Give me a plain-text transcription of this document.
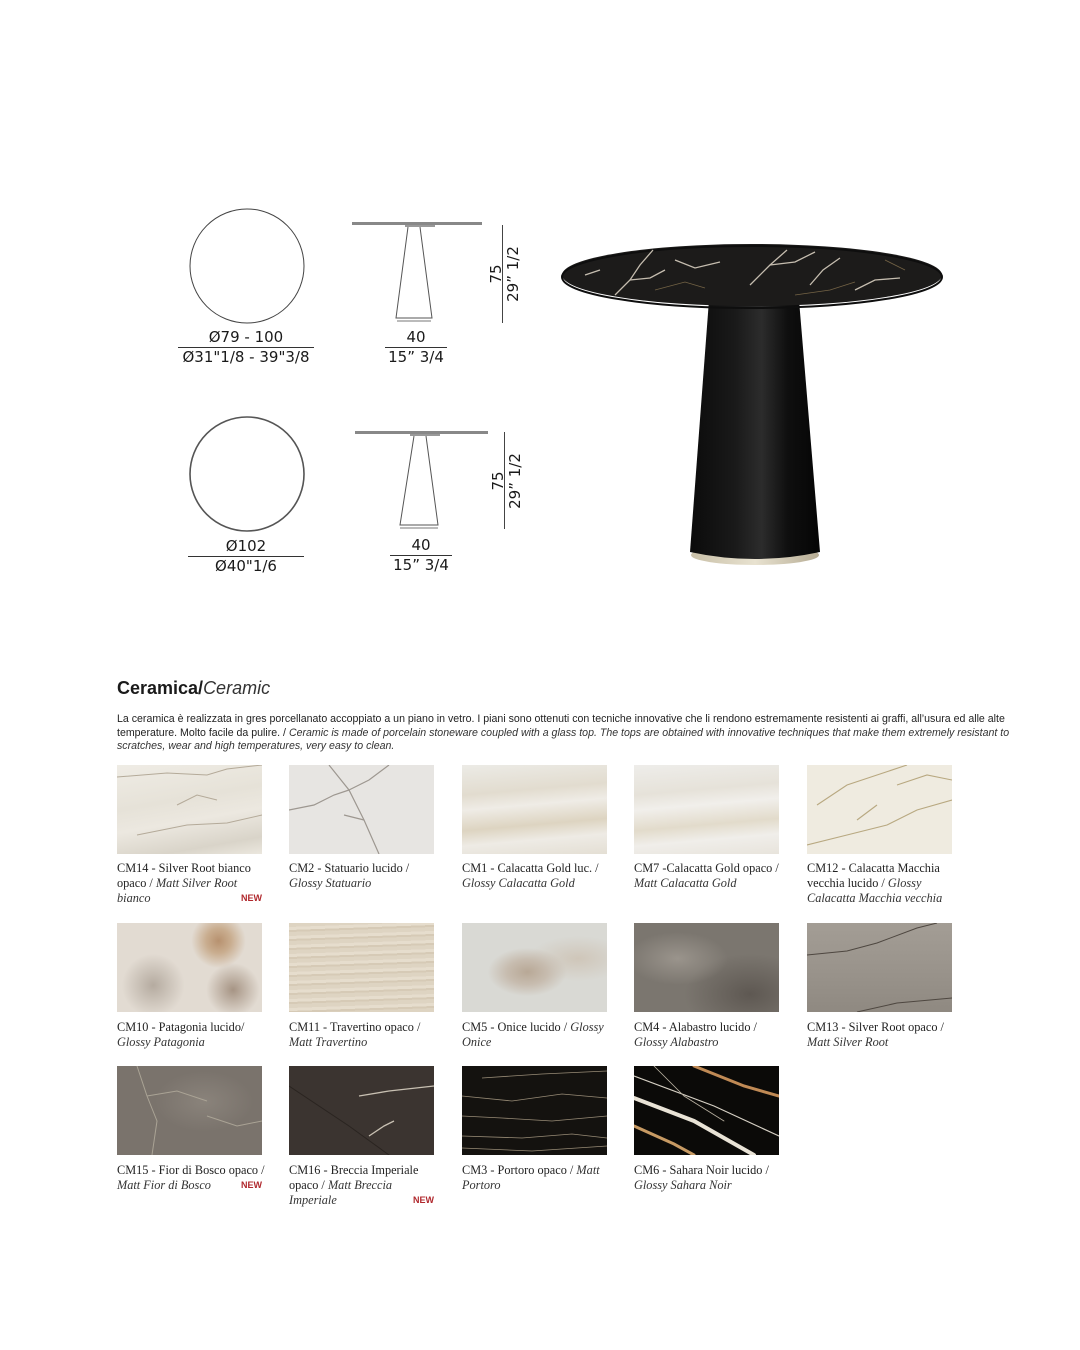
Ø79 - 100
Ø31"1/8 - 39"3/8
40
15” 3/4
75 29” 1/2
Ø102
Ø40"1/6
40
15” 3/4
75 29” 1/2
Ceramica/Ceramic
La ceramica è realizzata in gres porcellanato accoppiato a un piano in vetro. I piani sono ottenuti con tecniche innovative che li rendono estremamente resistenti ai graffi, all’usura ed alle alte temperature. Molto facile da pulire. / Ceramic is made of porcelain stoneware coupled with a glass top. The tops are obtained with innovative techniques that make them extremely resistant to scratches, wear and high temperatures, very easy to clean.
CM14 - Silver Root bianco opaco / Matt Silver Root bianco	NEW
CM2 - Statuario lucido / Glossy Statuario
CM1 - Calacatta Gold luc. / Glossy Calacatta Gold
CM7 -Calacatta Gold opaco / Matt Calacatta Gold
CM12 - Calacatta Macchia vecchia lucido / Glossy Calacatta Macchia vecchia
CM10 - Patagonia lucido/ Glossy Patagonia
CM11 - Travertino opaco / Matt Travertino
CM5 - Onice lucido / Glossy Onice
CM4 - Alabastro lucido / Glossy Alabastro
CM13 - Silver Root opaco / Matt Silver Root
CM15 - Fior di Bosco opaco / Matt Fior di Bosco	NEW
CM16 - Breccia Imperiale opaco / Matt Breccia Imperiale	NEW
CM3 - Portoro opaco / Matt Portoro
CM6 - Sahara Noir lucido / Glossy Sahara Noir
